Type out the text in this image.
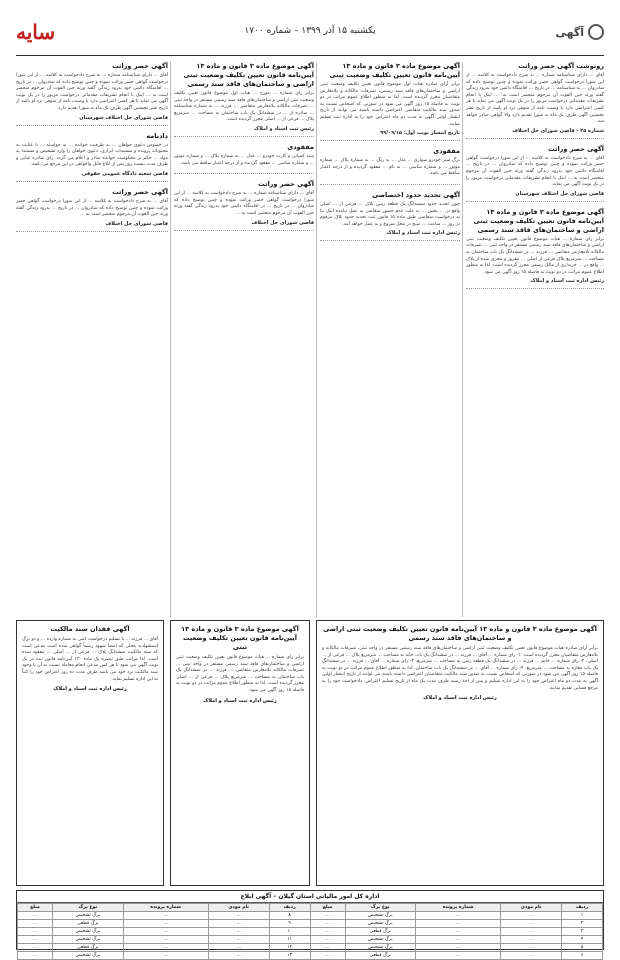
آگهی
یکشنبه ۱۵ آذر ۱۳۹۹ – شماره ۱۷۰۰
سایه

رونوشت آگهی حصر وراثت

آقای ... دارای شناسنامه شماره ... به شرح دادخواست به کلاسه ... از این شورا درخواست گواهی حصر وراثت نموده و چنین توضیح داده که شادروان ... به شناسنامه ... در تاریخ ... اقامتگاه دائمی خود بدرود زندگی گفته ورثه حین الفوت آن مرحوم منحصر است به: ... اینک با انجام تشریفات مقدماتی درخواست مزبور را در یک نوبت آگهی می نماید تا هر کسی اعتراضی دارد یا وصیت نامه از متوفی نزد او باشد از تاریخ نشر نخستین آگهی ظرف یک ماه به شورا تقدیم دارد والا گواهی صادر خواهد شد.

شماره ۲۵ - قاضی شورای حل اختلاف

آگهی حصر وراثت

آقای ... به شرح دادخواست به کلاسه ... از این شورا درخواست گواهی حصر وراثت نموده و چنین توضیح داده که شادروان ... در تاریخ ... اقامتگاه دائمی خود بدرود زندگی گفته ورثه حین الفوت آن مرحوم منحصر است به ... اینک با انجام تشریفات مقدماتی درخواست مزبور را در یک نوبت آگهی می نماید.

قاضی شورای حل اختلاف شهرستان

آگهی موضوع ماده ۳ قانون و ماده ۱۳ آیین‌نامه قانون تعیین تکلیف وضعیت ثبتی اراضی و ساختمان‌های فاقد سند رسمی

برابر رای شماره ... هیات موضوع قانون تعیین تکلیف وضعیت ثبتی اراضی و ساختمان‌های فاقد سند رسمی مستقر در واحد ثبتی ... تصرفات مالکانه بلامعارض متقاضی ... فرزند ... در ششدانگ یک باب ساختمان به مساحت ... مترمربع پلاک فرعی از اصلی ... مفروز و مجزی شده از پلاک ... واقع در ... خریداری از مالک رسمی محرز گردیده است. لذا به منظور اطلاع عموم مراتب در دو نوبت به فاصله ۱۵ روز آگهی می شود.

رئیس اداره ثبت اسناد و املاک

آگهی موضوع ماده ۳ قانون و ماده ۱۳ آیین‌نامه قانون تعیین تکلیف وضعیت ثبتی

برابر آرای صادره هیات اول موضوع قانون تعیین تکلیف وضعیت ثبتی اراضی و ساختمان‌های فاقد سند رسمی، تصرفات مالکانه و بلامعارض متقاضیان محرز گردیده است. لذا به منظور اطلاع عموم مراتب در دو نوبت به فاصله ۱۵ روز آگهی می شود در صورتی که اشخاص نسبت به صدور سند مالکیت متقاضی اعتراضی داشته باشند می توانند از تاریخ انتشار اولین آگهی به مدت دو ماه اعتراض خود را به اداره ثبت تسلیم نمایند.

تاریخ انتشار نوبت اول: ۹۹/۰۹/۱۵

مفقودی

برگ سبز خودرو سواری ... مدل ... به رنگ ... به شماره پلاک ... شماره موتور ... و شماره شاسی ... به نام ... مفقود گردیده و از درجه اعتبار ساقط می باشد.

آگهی تحدید حدود اختصاصی

چون تحدید حدود ششدانگ یک قطعه زمین پلاک ... فرعی از ... اصلی واقع در ... بخش ... به علت عدم حضور متقاضی به عمل نیامده اینک بنا به درخواست متقاضی طبق ماده ۱۵ قانون ثبت تحدید حدود پلاک مرقوم در روز ... ساعت ... صبح در محل شروع و به عمل خواهد آمد.

رئیس اداره ثبت اسناد و املاک

آگهی موضوع ماده ۳ قانون و ماده ۱۳ آیین‌نامه قانون تعیین تکلیف وضعیت ثبتی اراضی و ساختمان‌های فاقد سند رسمی

برابر رای شماره ... مورخ ... هیات اول موضوع قانون تعیین تکلیف وضعیت ثبتی اراضی و ساختمان‌های فاقد سند رسمی مستقر در واحد ثبتی ... تصرفات مالکانه بلامعارض متقاضی ... فرزند ... به شماره شناسنامه ... صادره از ... در ششدانگ یک باب ساختمان به مساحت ... مترمربع پلاک ... فرعی از ... اصلی محرز گردیده است.

رئیس ثبت اسناد و املاک

مفقودی

سند کمپانی و کارت خودرو ... مدل ... به شماره پلاک ... و شماره موتور ... و شماره شاسی ... مفقود گردیده و از درجه اعتبار ساقط می باشد.

آگهی حصر وراثت

آقای ... دارای شناسنامه شماره ... به شرح دادخواست به کلاسه ... از این شورا درخواست گواهی حصر وراثت نموده و چنین توضیح داده که شادروان ... در تاریخ ... در اقامتگاه دائمی خود بدرود زندگی گفته ورثه حین الفوت آن مرحوم منحصر است به ...

قاضی شورای حل اختلاف

آگهی حصر وراثت

آقای ... دارای شناسنامه شماره ... به شرح دادخواست به کلاسه ... از این شورا درخواست گواهی حصر وراثت نموده و چنین توضیح داده که شادروان ... در تاریخ ... اقامتگاه دائمی خود بدرود زندگی گفته ورثه حین الفوت آن مرحوم منحصر است به ... اینک با انجام تشریفات مقدماتی درخواست مزبور را در یک نوبت آگهی می نماید تا هر کسی اعتراضی دارد یا وصیت نامه از متوفی نزد او باشد از تاریخ نشر نخستین آگهی ظرف یک ماه به شورا تقدیم دارد.

قاضی شورای حل اختلاف شهرستان

دادنامه

در خصوص دعوی خواهان ... به طرفیت خوانده ... به خواسته ... با عنایت به محتویات پرونده و مستندات ابرازی، دعوی خواهان را وارد تشخیص و مستندا به مواد ... حکم بر محکومیت خوانده صادر و اعلام می گردد. رای صادره غیابی و ظرف مدت بیست روز پس از ابلاغ قابل واخواهی در این مرجع می باشد.

قاضی شعبه دادگاه عمومی حقوقی

آگهی حصر وراثت

آقای ... به شرح دادخواست به کلاسه ... از این شورا درخواست گواهی حصر وراثت نموده و چنین توضیح داده که شادروان ... در تاریخ ... بدرود زندگی گفته ورثه حین الفوت آن مرحوم منحصر است به ...

قاضی شورای حل اختلاف

آگهی موضوع ماده ۳ قانون و ماده ۱۳ آیین‌نامه قانون تعیین تکلیف وضعیت ثبتی اراضی و ساختمان‌های فاقد سند رسمی

برابر آرای صادره هیات موضوع قانون تعیین تکلیف وضعیت ثبتی اراضی و ساختمان‌های فاقد سند رسمی مستقر در واحد ثبتی، تصرفات مالکانه و بلامعارض متقاضیان محرز گردیده است. ۱- رای شماره ... آقای ... فرزند ... در ششدانگ یک باب خانه به مساحت ... مترمربع پلاک ... فرعی از ... اصلی. ۲- رای شماره ... خانم ... فرزند ... در ششدانگ یک قطعه زمین به مساحت ... مترمربع. ۳- رای شماره ... آقای ... فرزند ... در ششدانگ یک باب مغازه به مساحت ... مترمربع. ۴- رای شماره ... آقای ... در ششدانگ یک باب ساختمان. لذا به منظور اطلاع عموم مراتب در دو نوبت به فاصله ۱۵ روز آگهی می شود در صورتی که اشخاص نسبت به صدور سند مالکیت متقاضیان اعتراضی داشته باشند می توانند از تاریخ انتشار اولین آگهی به مدت دو ماه اعتراض خود را به این اداره تسلیم و پس از اخذ رسید ظرف مدت یک ماه از تاریخ تسلیم اعتراض، دادخواست خود را به مرجع قضایی تقدیم نمایند.

رئیس اداره ثبت اسناد و املاک

آگهی موضوع ماده ۳ قانون و ماده ۱۳ آیین‌نامه قانون تعیین تکلیف وضعیت ثبتی

برابر رای شماره ... هیات موضوع قانون تعیین تکلیف وضعیت ثبتی اراضی و ساختمان‌های فاقد سند رسمی مستقر در واحد ثبتی ... تصرفات مالکانه بلامعارض متقاضی ... فرزند ... در ششدانگ یک باب ساختمان به مساحت ... مترمربع پلاک ... فرعی از ... اصلی محرز گردیده است. لذا به منظور اطلاع عموم مراتب در دو نوبت به فاصله ۱۵ روز آگهی می شود.

رئیس اداره ثبت اسناد و املاک

آگهی فقدان سند مالکیت

آقای ... فرزند ... با تسلیم درخواست کتبی به شماره وارده ... و دو برگ استشهادیه محلی که امضا شهود رسماً گواهی شده است مدعی است که سند مالکیت ششدانگ پلاک ... فرعی از ... اصلی ... مفقود شده است. لذا مراتب طبق تبصره یک ماده ۱۲۰ آیین‌نامه قانون ثبت در یک نوبت آگهی می شود تا هر کس مدعی انجام معامله نسبت به آن یا وجود سند مالکیت نزد خود می باشد ظرف مدت ده روز اعتراض خود را کتباً به این اداره تسلیم نماید.

رئیس اداره ثبت اسناد و املاک

اداره کل امور مالیاتی استان گیلان – آگهی ابلاغ
ردیف	نام مودی	شماره پرونده	نوع برگ	مبلغ	ردیف	نام مودی	شماره پرونده	نوع برگ	مبلغ
۱	...	...	برگ تشخیص	...	۸	...	...	برگ تشخیص	...
۲	...	...	برگ تشخیص	...	۹	...	...	برگ قطعی	...
۳	...	...	برگ قطعی	...	۱۰	...	...	برگ تشخیص	...
۴	...	...	برگ تشخیص	...	۱۱	...	...	برگ تشخیص	...
۵	...	...	برگ تشخیص	...	۱۲	...	...	برگ قطعی	...
۶	...	...	برگ قطعی	...	۱۳	...	...	برگ تشخیص	...
